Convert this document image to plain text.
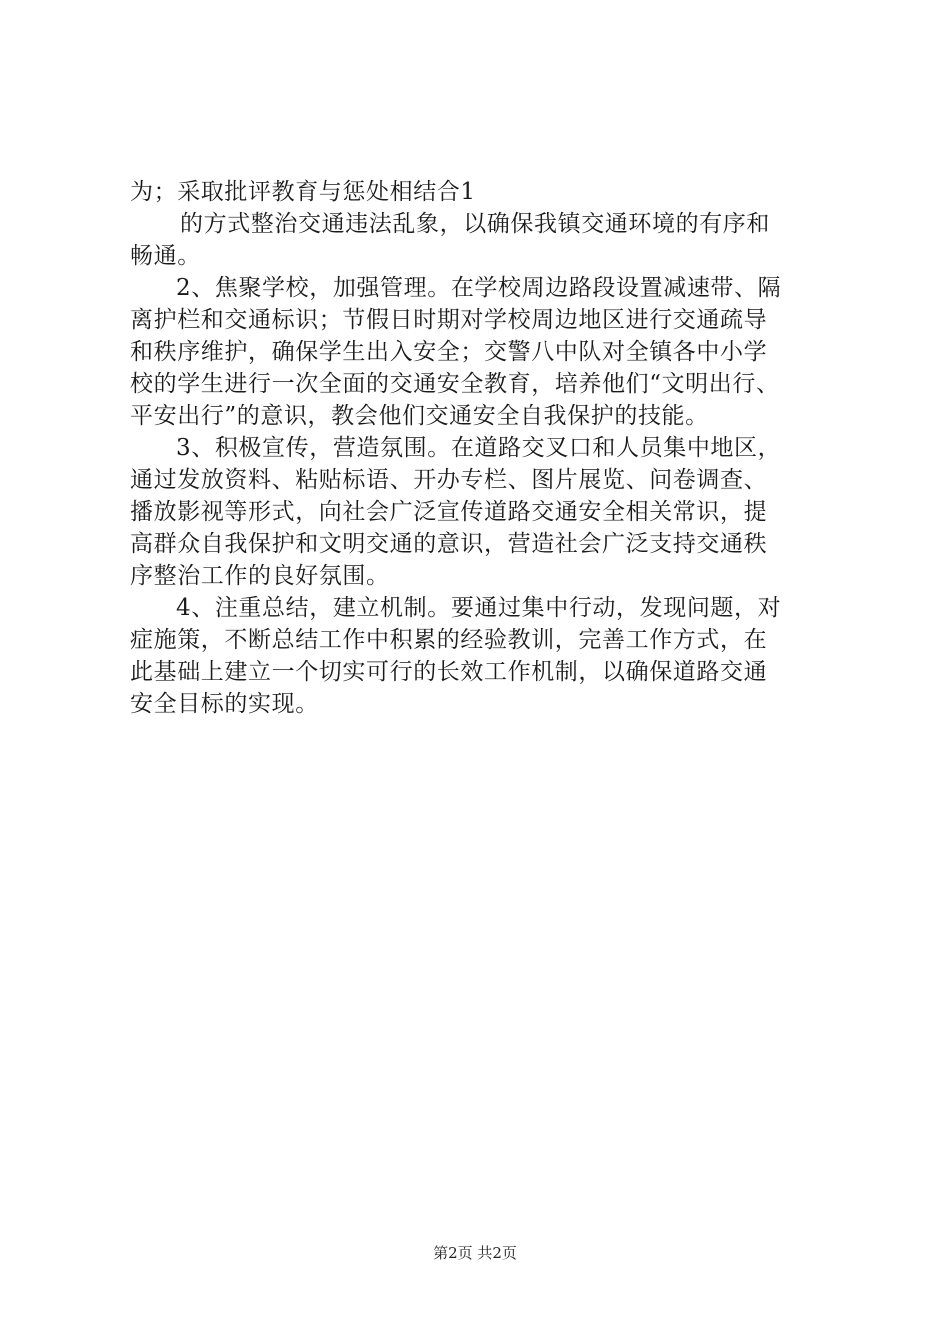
为；采取批评教育与惩处相结合1
的方式整治交通违法乱象，以确保我镇交通环境的有序和
畅通。
2、焦聚学校，加强管理。在学校周边路段设置减速带、隔
离护栏和交通标识；节假日时期对学校周边地区进行交通疏导
和秩序维护，确保学生出入安全；交警八中队对全镇各中小学
校的学生进行一次全面的交通安全教育，培养他们“文明出行、
平安出行”的意识，教会他们交通安全自我保护的技能。
3、积极宣传，营造氛围。在道路交叉口和人员集中地区，
通过发放资料、粘贴标语、开办专栏、图片展览、问卷调查、
播放影视等形式，向社会广泛宣传道路交通安全相关常识，提
高群众自我保护和文明交通的意识，营造社会广泛支持交通秩
序整治工作的良好氛围。
4、注重总结，建立机制。要通过集中行动，发现问题，对
症施策，不断总结工作中积累的经验教训，完善工作方式，在
此基础上建立一个切实可行的长效工作机制，以确保道路交通
安全目标的实现。
第2页 共2页
